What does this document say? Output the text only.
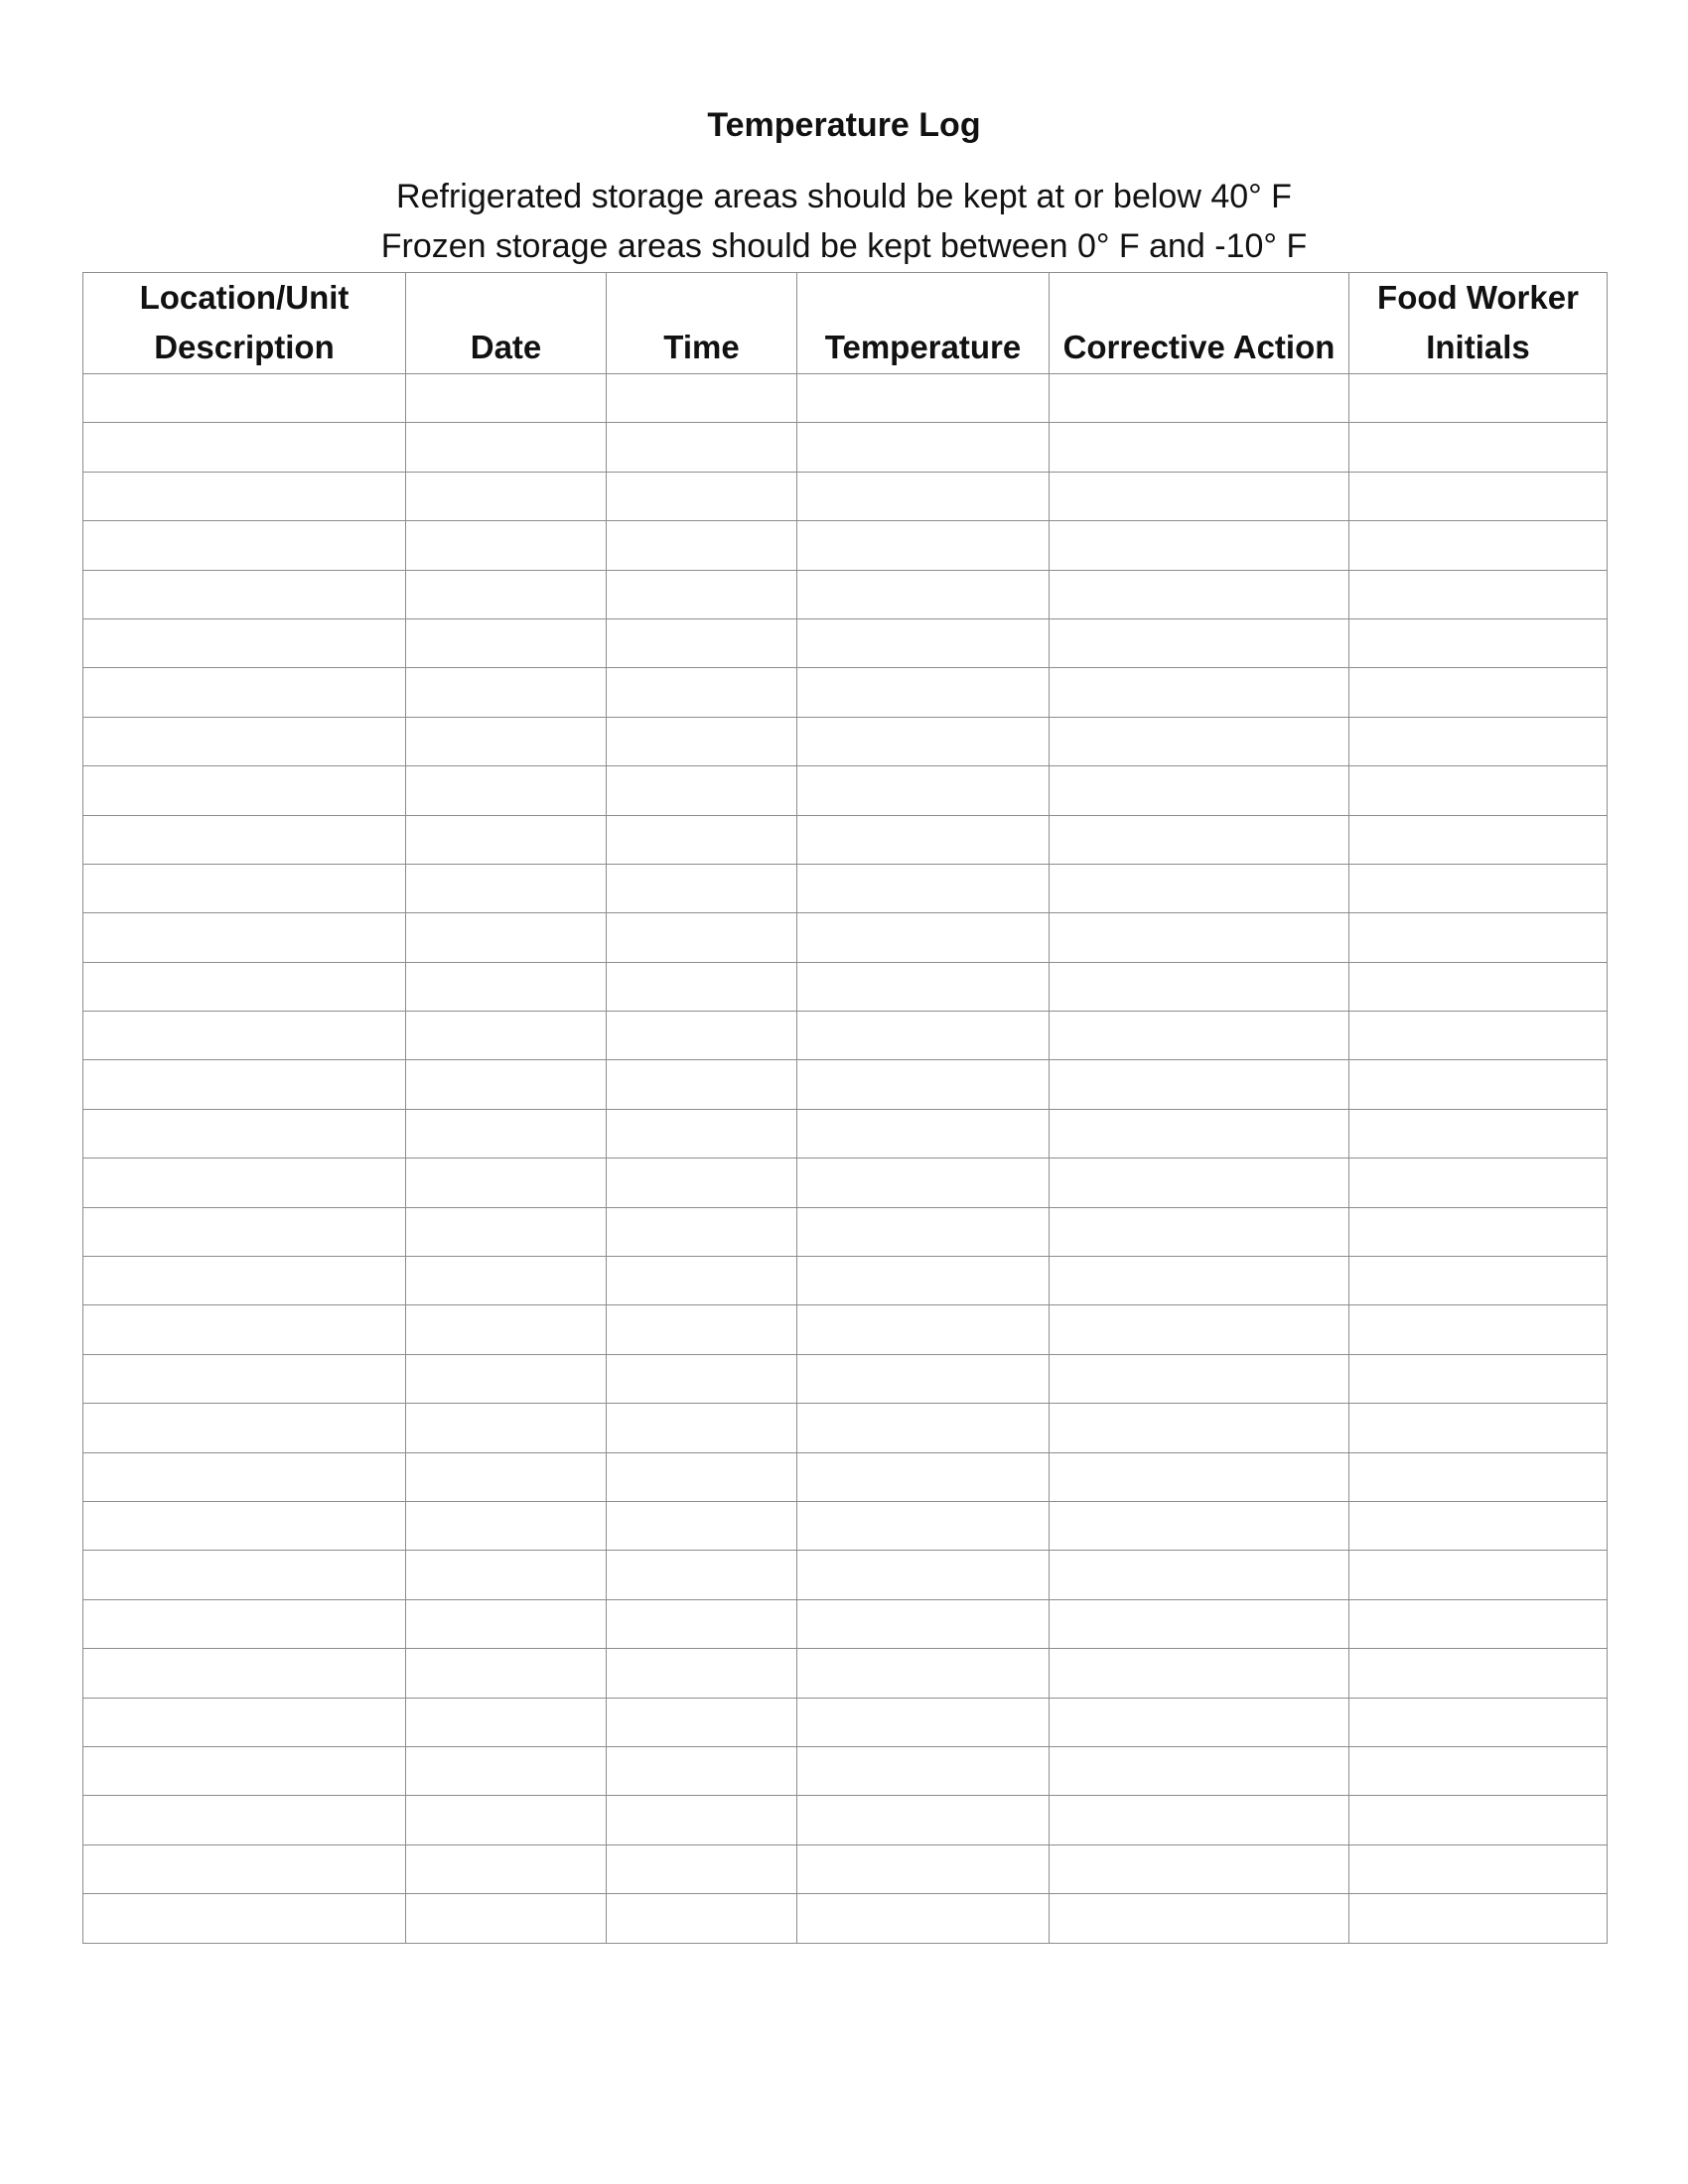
Temperature Log
Refrigerated storage areas should be kept at or below 40° F
Frozen storage areas should be kept between 0° F and -10° F
Location/Unit
Description	Date	Time	Temperature	Corrective Action	Food Worker
Initials
